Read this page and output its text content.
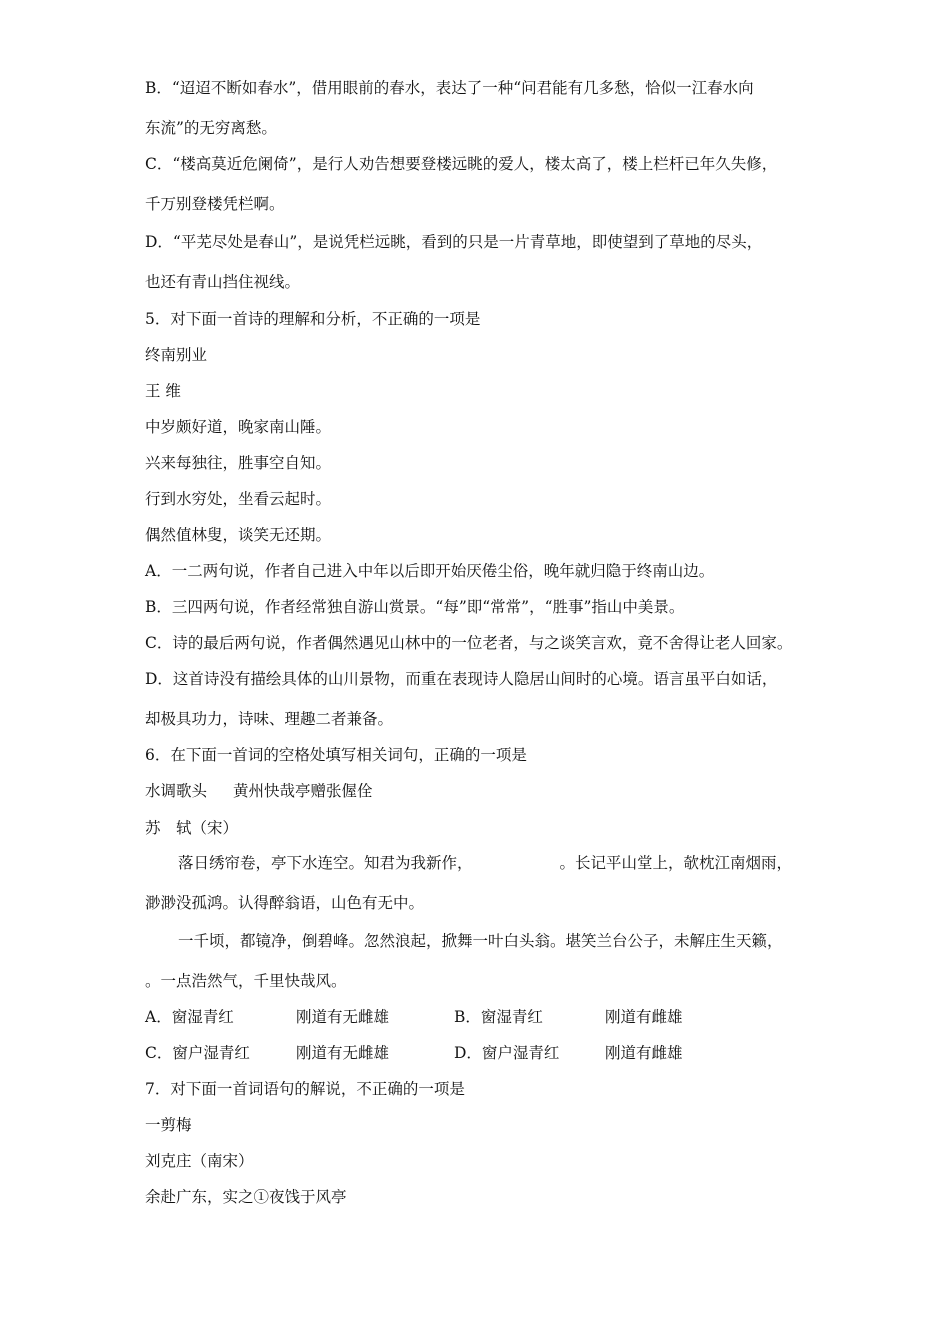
B．“迢迢不断如春水”，借用眼前的春水，表达了一种“问君能有几多愁，恰似一江春水向
东流”的无穷离愁。
C．“楼高莫近危阑倚”，是行人劝告想要登楼远眺的爱人，楼太高了，楼上栏杆已年久失修，
千万别登楼凭栏啊。
D．“平芜尽处是春山”，是说凭栏远眺，看到的只是一片青草地，即使望到了草地的尽头，
也还有青山挡住视线。
5．对下面一首诗的理解和分析，不正确的一项是
终南别业
王 维
中岁颇好道，晚家南山陲。
兴来每独往，胜事空自知。
行到水穷处，坐看云起时。
偶然值林叟，谈笑无还期。
A．一二两句说，作者自己进入中年以后即开始厌倦尘俗，晚年就归隐于终南山边。
B．三四两句说，作者经常独自游山赏景。“每”即“常常”，“胜事”指山中美景。
C．诗的最后两句说，作者偶然遇见山林中的一位老者，与之谈笑言欢，竟不舍得让老人回家。
D．这首诗没有描绘具体的山川景物，而重在表现诗人隐居山间时的心境。语言虽平白如话，
却极具功力，诗味、理趣二者兼备。
6．在下面一首词的空格处填写相关词句，正确的一项是
水调歌头 黄州快哉亭赠张偓佺
苏　轼（宋）
落日绣帘卷，亭下水连空。知君为我新作，	。长记平山堂上，欹枕江南烟雨，
渺渺没孤鸿。认得醉翁语，山色有无中。
一千顷，都镜净，倒碧峰。忽然浪起，掀舞一叶白头翁。堪笑兰台公子，未解庄生天籁，
。一点浩然气，千里快哉风。
A．窗湿青红	刚道有无雌雄	B．窗湿青红	刚道有雌雄
C．窗户湿青红	刚道有无雌雄	D．窗户湿青红	刚道有雌雄
7．对下面一首词语句的解说，不正确的一项是
一剪梅
刘克庄（南宋）
余赴广东，实之①夜饯于风亭
